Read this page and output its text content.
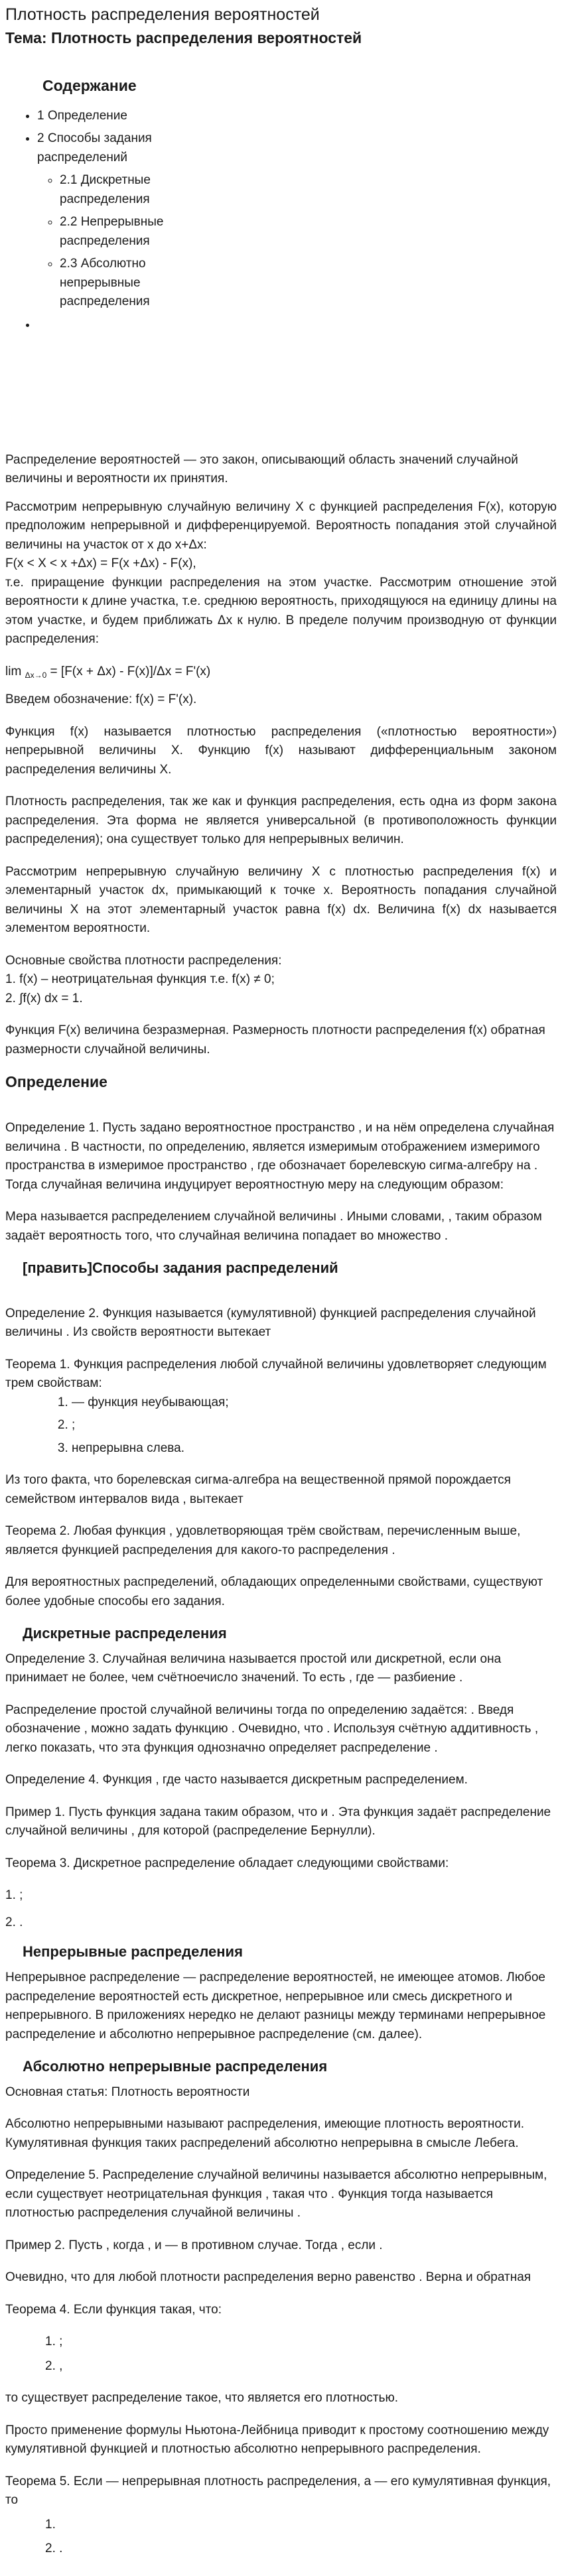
Плотность распределения вероятностей
Тема: Плотность распределения вероятностей
Содержание
• 1 Определение
• 2 Способы задания распределений
◦ 2.1 Дискретные распределения
◦ 2.2 Непрерывные распределения
◦ 2.3 Абсолютно непрерывные распределения
•

Распределение вероятностей — это закон, описывающий область значений случайной величины и вероятности их принятия.

Рассмотрим непрерывную случайную величину X с функцией распределения F(x), которую предположим непрерывной и дифференцируемой. Вероятность попадания этой случайной величины на участок от х до х+Δх:

F(x < X < x +Δx) = F(x +Δx) - F(x),

т.е. приращение функции распределения на этом участке. Рассмотрим отношение этой вероятности к длине участка, т.е. среднюю вероятность, приходящуюся на единицу длины на этом участке, и будем приближать Δх к нулю. В пределе получим производную от функции распределения:

lim $_{\Delta x\to 0}$ = [F(x + Δx) - F(x)]/Δx = F'(x)

Введем обозначение: f(x) = F'(x).

Функция f(x) называется плотностью распределения («плотностью вероятности») непрерывной величины Х. Функцию f(x) называют дифференциальным законом распределения величины Х.

Плотность распределения, так же как и функция распределения, есть одна из форм закона распределения. Эта форма не является универсальной (в противоположность функции распределения); она существует только для непрерывных величин.

Рассмотрим непрерывную случайную величину Х с плотностью распределения f(x) и элементарный участок dx, примыкающий к точке х. Вероятность попадания случайной величины Х на этот элементарный участок равна f(x) dx. Величина f(x) dx называется элементом вероятности.

Основные свойства плотности распределения:

1. f(x) – неотрицательная функция т.е. f(x) ≠ 0;

2. ∫f(x) dx = 1.

Функция F(x) величина безразмерная. Размерность плотности распределения f(x) обратная размерности случайной величины.

Определение

Определение 1. Пусть задано вероятностное пространство , и на нём определена случайная величина . В частности, по определению, является измеримым отображением измеримого пространства в измеримое пространство , где обозначает борелевскую сигма-алгебру на . Тогда случайная величина индуцирует вероятностную меру на следующим образом:

Мера называется распределением случайной величины . Иными словами, , таким образом задаёт вероятность того, что случайная величина попадает во множество .

[править]Способы задания распределений

Определение 2. Функция называется (кумулятивной) функцией распределения случайной величины . Из свойств вероятности вытекает

Теорема 1. Функция распределения любой случайной величины удовлетворяет следующим трем свойствам:

1. — функция неубывающая;
2. ;
3. непрерывна слева.

Из того факта, что борелевская сигма-алгебра на вещественной прямой порождается семейством интервалов вида , вытекает

Теорема 2. Любая функция , удовлетворяющая трём свойствам, перечисленным выше, является функцией распределения для какого-то распределения .

Для вероятностных распределений, обладающих определенными свойствами, существуют более удобные способы его задания.

Дискретные распределения

Определение 3. Случайная величина называется простой или дискретной, если она принимает не более, чем счётноечисло значений. То есть , где — разбиение .

Распределение простой случайной величины тогда по определению задаётся: . Введя обозначение , можно задать функцию . Очевидно, что . Используя счётную аддитивность , легко показать, что эта функция однозначно определяет распределение .

Определение 4. Функция , где часто называется дискретным распределением.

Пример 1. Пусть функция задана таким образом, что и . Эта функция задаёт распределение случайной величины , для которой (распределение Бернулли).

Теорема 3. Дискретное распределение обладает следующими свойствами:

1. ;
2. .
Непрерывные распределения

Непрерывное распределение — распределение вероятностей, не имеющее атомов. Любое распределение вероятностей есть дискретное, непрерывное или смесь дискретного и непрерывного. В приложениях нередко не делают разницы между терминами непрерывное распределение и абсолютно непрерывное распределение (см. далее).

Абсолютно непрерывные распределения

Основная статья: Плотность вероятности

Абсолютно непрерывными называют распределения, имеющие плотность вероятности. Кумулятивная функция таких распределений абсолютно непрерывна в смысле Лебега.

Определение 5. Распределение случайной величины называется абсолютно непрерывным, если существует неотрицательная функция , такая что . Функция тогда называется плотностью распределения случайной величины .

Пример 2. Пусть , когда , и — в противном случае. Тогда , если .

Очевидно, что для любой плотности распределения верно равенство . Верна и обратная

Теорема 4. Если функция такая, что:

1. ;
2. ,

то существует распределение такое, что является его плотностью.

Просто применение формулы Ньютона-Лейбница приводит к простому соотношению между кумулятивной функцией и плотностью абсолютно непрерывного распределения.

Теорема 5. Если — непрерывная плотность распределения, а — его кумулятивная функция, то

1.
2. .
